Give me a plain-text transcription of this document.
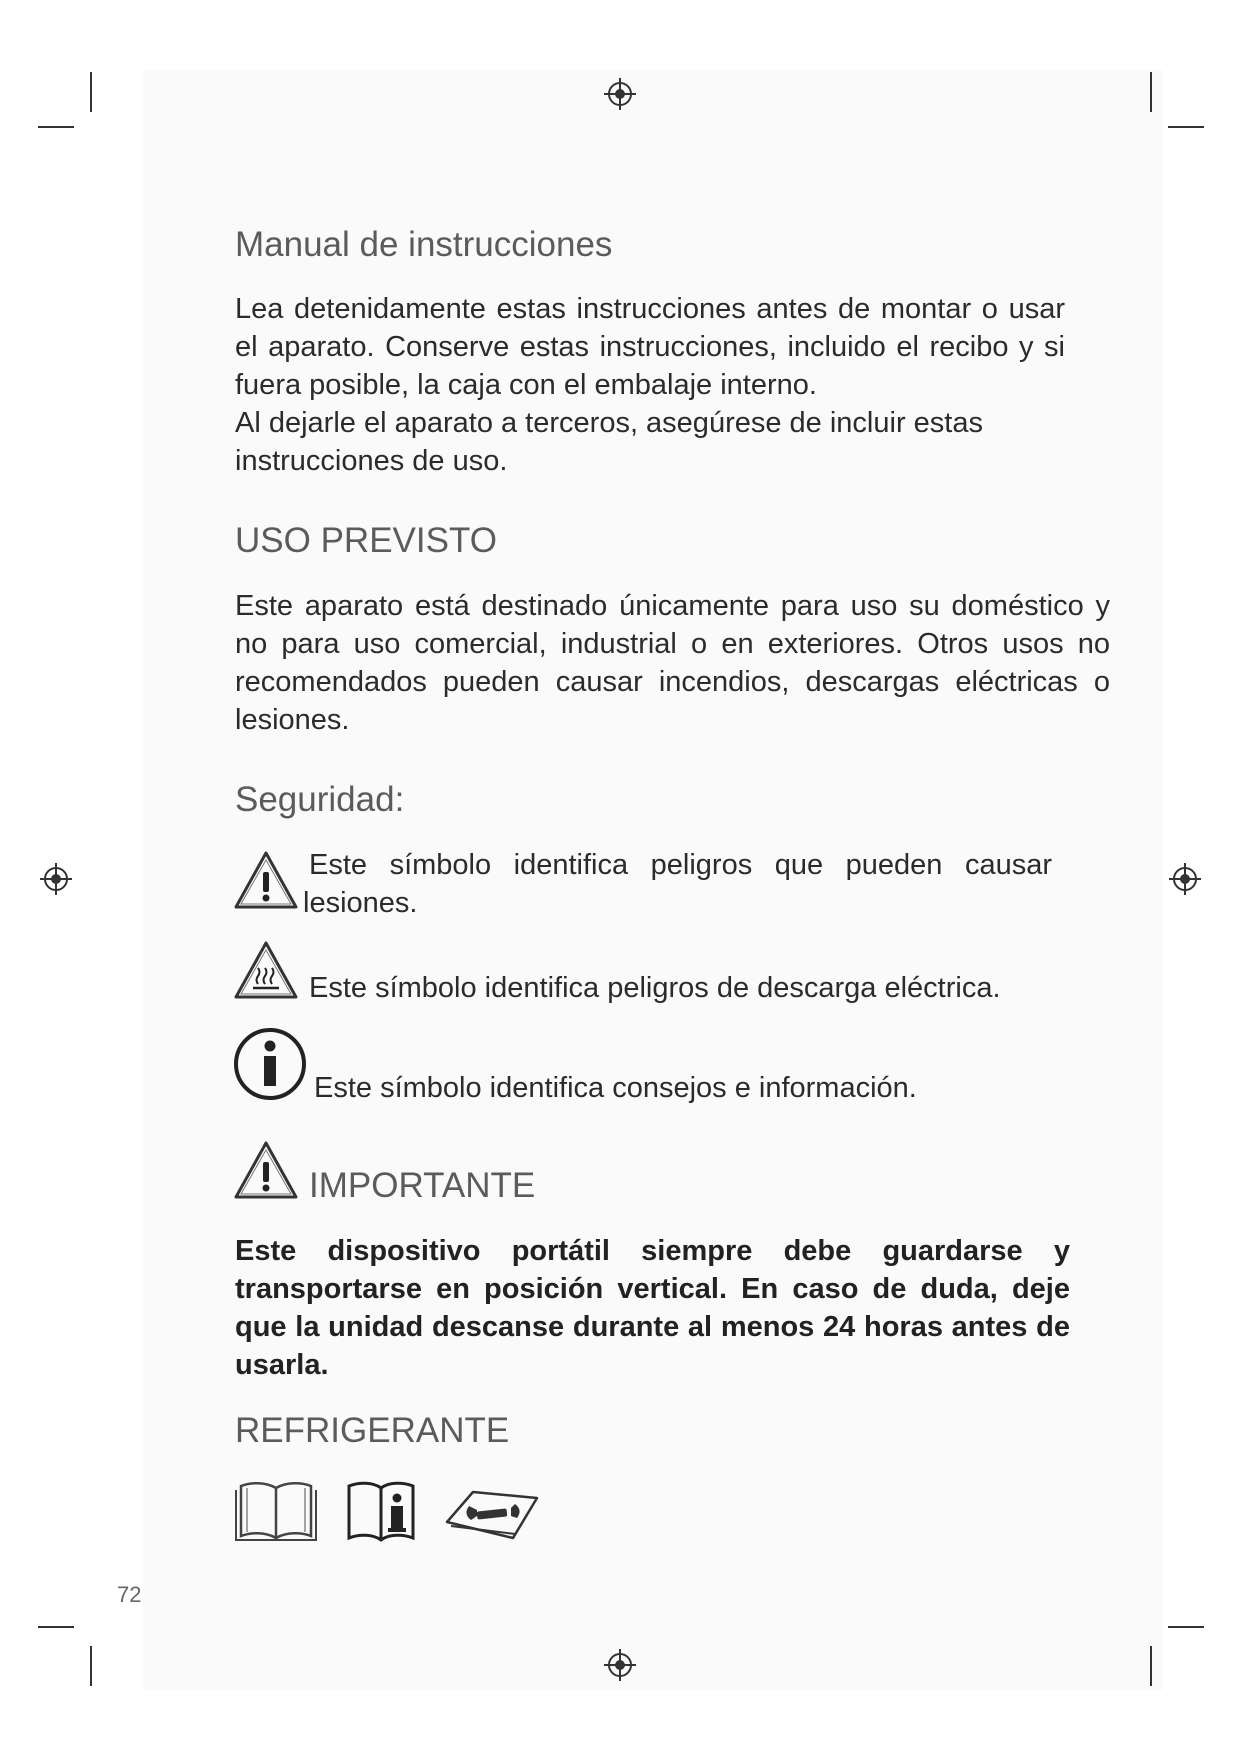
Manual de instrucciones

Lea detenidamente estas instrucciones antes de montar o usar el aparato. Conserve estas instrucciones, incluido el recibo y si fuera posible, la caja con el embalaje interno.

Al dejarle el aparato a terceros, asegúrese de incluir estas instrucciones de uso.

USO PREVISTO

Este aparato está destinado únicamente para uso su doméstico y no para uso comercial, industrial o en exteriores. Otros usos no recomendados pueden causar incendios, descargas eléctricas o lesiones.

Seguridad:
Este símbolo identifica peligros que pueden causar
lesiones.
Este símbolo identifica peligros de descarga eléctrica.
Este símbolo identifica consejos e información.
IMPORTANTE

Este dispositivo portátil siempre debe guardarse y transportarse en posición vertical. En caso de duda, deje que la unidad descanse durante al menos 24 horas antes de usarla.

REFRIGERANTE
72
